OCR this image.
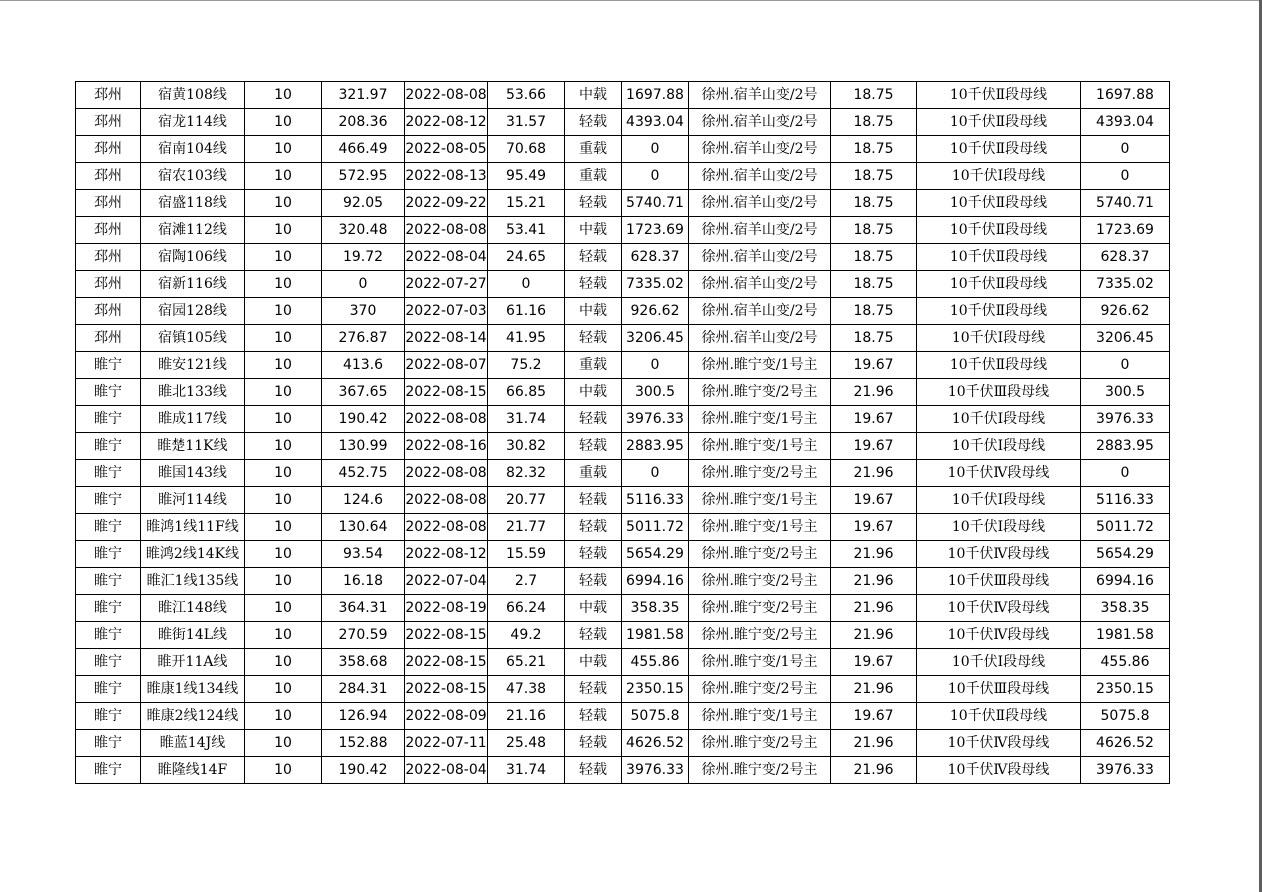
邳州	宿黄108线	10	321.97	2022-08-08	53.66	中载	1697.88	徐州.宿羊山变/2号	18.75	10千伏Ⅱ段母线	1697.88
邳州	宿龙114线	10	208.36	2022-08-12	31.57	轻载	4393.04	徐州.宿羊山变/2号	18.75	10千伏Ⅱ段母线	4393.04
邳州	宿南104线	10	466.49	2022-08-05	70.68	重载	0	徐州.宿羊山变/2号	18.75	10千伏Ⅱ段母线	0
邳州	宿农103线	10	572.95	2022-08-13	95.49	重载	0	徐州.宿羊山变/2号	18.75	10千伏Ⅰ段母线	0
邳州	宿盛118线	10	92.05	2022-09-22	15.21	轻载	5740.71	徐州.宿羊山变/2号	18.75	10千伏Ⅱ段母线	5740.71
邳州	宿滩112线	10	320.48	2022-08-08	53.41	中载	1723.69	徐州.宿羊山变/2号	18.75	10千伏Ⅱ段母线	1723.69
邳州	宿陶106线	10	19.72	2022-08-04	24.65	轻载	628.37	徐州.宿羊山变/2号	18.75	10千伏Ⅱ段母线	628.37
邳州	宿新116线	10	0	2022-07-27	0	轻载	7335.02	徐州.宿羊山变/2号	18.75	10千伏Ⅱ段母线	7335.02
邳州	宿园128线	10	370	2022-07-03	61.16	中载	926.62	徐州.宿羊山变/2号	18.75	10千伏Ⅱ段母线	926.62
邳州	宿镇105线	10	276.87	2022-08-14	41.95	轻载	3206.45	徐州.宿羊山变/2号	18.75	10千伏Ⅰ段母线	3206.45
睢宁	睢安121线	10	413.6	2022-08-07	75.2	重载	0	徐州.睢宁变/1号主	19.67	10千伏Ⅱ段母线	0
睢宁	睢北133线	10	367.65	2022-08-15	66.85	中载	300.5	徐州.睢宁变/2号主	21.96	10千伏Ⅲ段母线	300.5
睢宁	睢成117线	10	190.42	2022-08-08	31.74	轻载	3976.33	徐州.睢宁变/1号主	19.67	10千伏Ⅰ段母线	3976.33
睢宁	睢楚11K线	10	130.99	2022-08-16	30.82	轻载	2883.95	徐州.睢宁变/1号主	19.67	10千伏Ⅰ段母线	2883.95
睢宁	睢国143线	10	452.75	2022-08-08	82.32	重载	0	徐州.睢宁变/2号主	21.96	10千伏Ⅳ段母线	0
睢宁	睢河114线	10	124.6	2022-08-08	20.77	轻载	5116.33	徐州.睢宁变/1号主	19.67	10千伏Ⅰ段母线	5116.33
睢宁	睢鸿1线11F线	10	130.64	2022-08-08	21.77	轻载	5011.72	徐州.睢宁变/1号主	19.67	10千伏Ⅰ段母线	5011.72
睢宁	睢鸿2线14K线	10	93.54	2022-08-12	15.59	轻载	5654.29	徐州.睢宁变/2号主	21.96	10千伏Ⅳ段母线	5654.29
睢宁	睢汇1线135线	10	16.18	2022-07-04	2.7	轻载	6994.16	徐州.睢宁变/2号主	21.96	10千伏Ⅲ段母线	6994.16
睢宁	睢江148线	10	364.31	2022-08-19	66.24	中载	358.35	徐州.睢宁变/2号主	21.96	10千伏Ⅳ段母线	358.35
睢宁	睢街14L线	10	270.59	2022-08-15	49.2	轻载	1981.58	徐州.睢宁变/2号主	21.96	10千伏Ⅳ段母线	1981.58
睢宁	睢开11A线	10	358.68	2022-08-15	65.21	中载	455.86	徐州.睢宁变/1号主	19.67	10千伏Ⅰ段母线	455.86
睢宁	睢康1线134线	10	284.31	2022-08-15	47.38	轻载	2350.15	徐州.睢宁变/2号主	21.96	10千伏Ⅲ段母线	2350.15
睢宁	睢康2线124线	10	126.94	2022-08-09	21.16	轻载	5075.8	徐州.睢宁变/1号主	19.67	10千伏Ⅱ段母线	5075.8
睢宁	睢蓝14J线	10	152.88	2022-07-11	25.48	轻载	4626.52	徐州.睢宁变/2号主	21.96	10千伏Ⅳ段母线	4626.52
睢宁	睢隆线14F	10	190.42	2022-08-04	31.74	轻载	3976.33	徐州.睢宁变/2号主	21.96	10千伏Ⅳ段母线	3976.33
